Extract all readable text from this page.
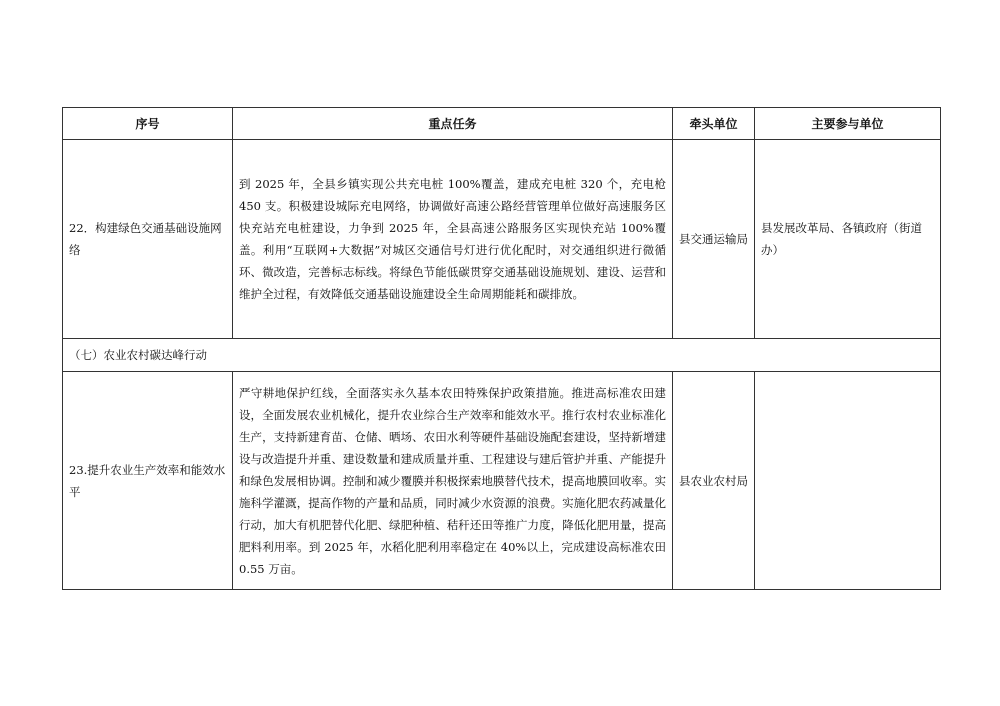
序号	重点任务	牵头单位	主要参与单位
22．构建绿色交通基础设施网络	到 2025 年，全县乡镇实现公共充电桩 100%覆盖，建成充电桩 320 个，充电枪 450 支。积极建设城际充电网络，协调做好高速公路经营管理单位做好高速服务区快充站充电桩建设，力争到 2025 年，全县高速公路服务区实现快充站 100%覆盖。利用“互联网+大数据”对城区交通信号灯进行优化配时，对交通组织进行微循环、微改造，完善标志标线。将绿色节能低碳贯穿交通基础设施规划、建设、运营和维护全过程，有效降低交通基础设施建设全生命周期能耗和碳排放。	县交通运输局	县发展改革局、各镇政府（街道办）
（七）农业农村碳达峰行动			
23.提升农业生产效率和能效水平	严守耕地保护红线，全面落实永久基本农田特殊保护政策措施。推进高标准农田建设，全面发展农业机械化，提升农业综合生产效率和能效水平。推行农村农业标准化生产，支持新建育苗、仓储、晒场、农田水利等硬件基础设施配套建设，坚持新增建设与改造提升并重、建设数量和建成质量并重、工程建设与建后管护并重、产能提升和绿色发展相协调。控制和减少覆膜并积极探索地膜替代技术，提高地膜回收率。实施科学灌溉，提高作物的产量和品质，同时减少水资源的浪费。实施化肥农药减量化行动，加大有机肥替代化肥、绿肥种植、秸秆还田等推广力度，降低化肥用量，提高肥料利用率。到 2025 年，水稻化肥利用率稳定在 40%以上，完成建设高标准农田 0.55 万亩。	县农业农村局	
